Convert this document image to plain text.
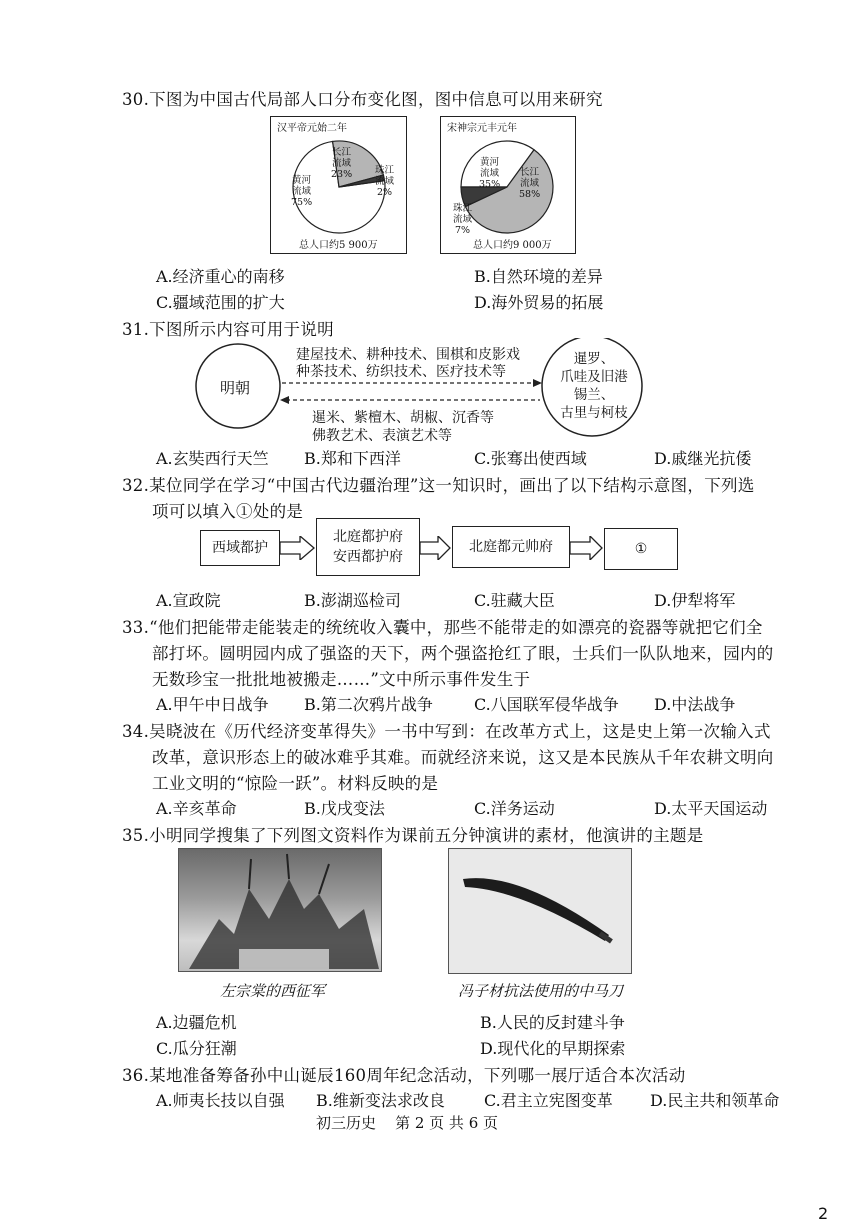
30.下图为中国古代局部人口分布变化图，图中信息可以用来研究
汉平帝元始二年
长江
流域
23% 珠江
流域
2%
黄河
流域
75%
总人口约5 900万
宋神宗元丰元年
黄河
流域
35%
长江
流域
58%
珠江
流域
7%
总人口约9 000万
A.经济重心的南移	B.自然环境的差异
C.疆域范围的扩大	D.海外贸易的拓展
31.下图所示内容可用于说明
明朝
暹罗、
爪哇及旧港
锡兰、
古里与柯枝
建屋技术、耕种技术、围棋和皮影戏
种茶技术、纺织技术、医疗技术等
暹米、紫檀木、胡椒、沉香等
佛教艺术、表演艺术等
A.玄奘西行天竺 B.郑和下西洋	C.张骞出使西域	D.戚继光抗倭
32.某位同学在学习“中国古代边疆治理”这一知识时，画出了以下结构示意图，下列选
项可以填入①处的是
西域都护
北庭都护府
安西都护府
北庭都元帅府	①
A.宣政院	B.澎湖巡检司	C.驻藏大臣	D.伊犁将军
33.“他们把能带走能装走的统统收入囊中，那些不能带走的如漂亮的瓷器等就把它们全
部打坏。圆明园内成了强盗的天下，两个强盗抢红了眼，士兵们一队队地来，园内的
无数珍宝一批批地被搬走……”文中所示事件发生于
A.甲午中日战争 B.第二次鸦片战争	C.八国联军侵华战争 D.中法战争
34.吴晓波在《历代经济变革得失》一书中写到：在改革方式上，这是史上第一次输入式
改革，意识形态上的破冰难乎其难。而就经济来说，这又是本民族从千年农耕文明向
工业文明的“惊险一跃”。材料反映的是
A.辛亥革命	B.戊戌变法	C.洋务运动	D.太平天国运动
35.小明同学搜集了下列图文资料作为课前五分钟演讲的素材，他演讲的主题是
左宗棠的西征军	冯子材抗法使用的中马刀
A.边疆危机	B.人民的反封建斗争
C.瓜分狂潮	D.现代化的早期探索
36.某地准备筹备孙中山诞辰160周年纪念活动，下列哪一展厅适合本次活动
A.师夷长技以自强 B.维新变法求改良 C.君主立宪图变革 D.民主共和领革命
初三历史    第 2 页 共 6 页
2
